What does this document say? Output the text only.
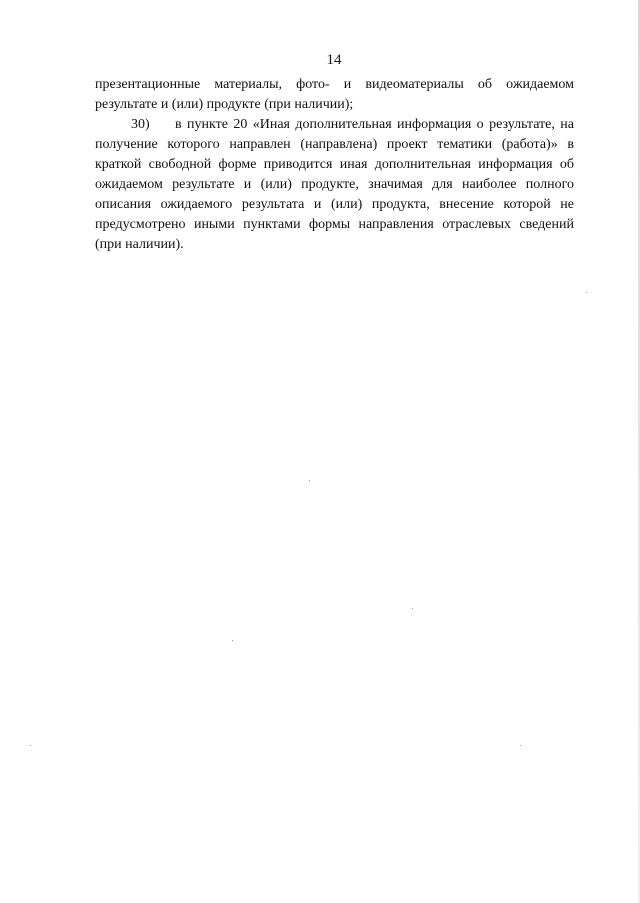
14

презентационные материалы, фото- и видеоматериалы об ожидаемом результате и (или) продукте (при наличии);

30) в пункте 20 «Иная дополнительная информация о результате, на получение которого направлен (направлена) проект тематики (работа)» в краткой свободной форме приводится иная дополнительная информация об ожидаемом результате и (или) продукте, значимая для наиболее полного описания ожидаемого результата и (или) продукта, внесение которой не предусмотрено иными пунктами формы направления отраслевых сведений (при наличии).
